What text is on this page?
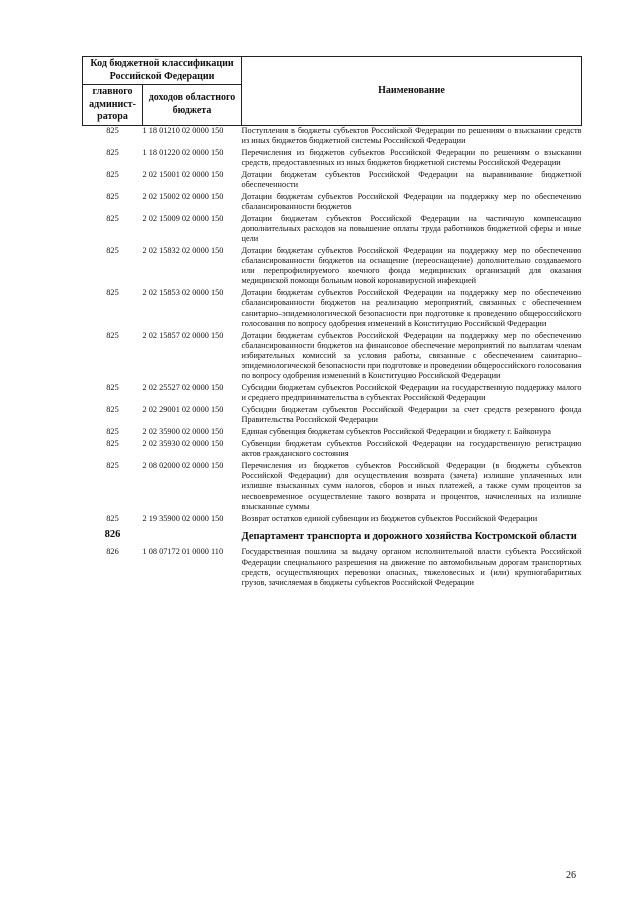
Код бюджетной классификации Российской Федерации		Наименование
главного админист-ратора	доходов областного бюджета	
825	1 18 01210 02 0000 150	Поступления в бюджеты субъектов Российской Федерации по решениям о взыскании средств из иных бюджетов бюджетной системы Российской Федерации
825	1 18 01220 02 0000 150	Перечисления из бюджетов субъектов Российской Федерации по решениям о взыскании средств, предоставленных из иных бюджетов бюджетной системы Российской Федерации
825	2 02 15001 02 0000 150	Дотации бюджетам субъектов Российской Федерации на выравнивание бюджетной обеспеченности
825	2 02 15002 02 0000 150	Дотации бюджетам субъектов Российской Федерации на поддержку мер по обеспечению сбалансированности бюджетов
825	2 02 15009 02 0000 150	Дотации бюджетам субъектов Российской Федерации на частичную компенсацию дополнительных расходов на повышение оплаты труда работников бюджетной сферы и иные цели
825	2 02 15832 02 0000 150	Дотации бюджетам субъектов Российской Федерации на поддержку мер по обеспечению сбалансированности бюджетов на оснащение (переоснащение) дополнительно создаваемого или перепрофилируемого коечного фонда медицинских организаций для оказания медицинской помощи больным новой коронавирусной инфекцией
825	2 02 15853 02 0000 150	Дотации бюджетам субъектов Российской Федерации на поддержку мер по обеспечению сбалансированности бюджетов на реализацию мероприятий, связанных с обеспечением санитарно–эпидемиологической безопасности при подготовке к проведению общероссийского голосования по вопросу одобрения изменений в Конституцию Российской Федерации
825	2 02 15857 02 0000 150	Дотации бюджетам субъектов Российской Федерации на поддержку мер по обеспечению сбалансированности бюджетов на финансовое обеспечение мероприятий по выплатам членам избирательных комиссий за условия работы, связанные с обеспечением санитарно–эпидемиологической безопасности при подготовке и проведении общероссийского голосования по вопросу одобрения изменений в Конституцию Российской Федерации
825	2 02 25527 02 0000 150	Субсидии бюджетам субъектов Российской Федерации на государственную поддержку малого и среднего предпринимательства в субъектах Российской Федерации
825	2 02 29001 02 0000 150	Субсидии бюджетам субъектов Российской Федерации за счет средств резервного фонда Правительства Российской Федерации
825	2 02 35900 02 0000 150	Единая субвенция бюджетам субъектов Российской Федерации и бюджету г. Байконура
825	2 02 35930 02 0000 150	Субвенции бюджетам субъектов Российской Федерации на государственную регистрацию актов гражданского состояния
825	2 08 02000 02 0000 150	Перечисления из бюджетов субъектов Российской Федерации (в бюджеты субъектов Российской Федерации) для осуществления возврата (зачета) излишне уплаченных или излишне взысканных сумм налогов, сборов и иных платежей, а также сумм процентов за несвоевременное осуществление такого возврата и процентов, начисленных на излишне взысканные суммы
825	2 19 35900 02 0000 150	Возврат остатков единой субвенции из бюджетов субъектов Российской Федерации
826		Департамент транспорта и дорожного хозяйства Костромской области
826	1 08 07172 01 0000 110	Государственная пошлина за выдачу органом исполнительной власти субъекта Российской Федерации специального разрешения на движение по автомобильным дорогам транспортных средств, осуществляющих перевозки опасных, тяжеловесных и (или) крупногабаритных грузов, зачисляемая в бюджеты субъектов Российской Федерации
26
